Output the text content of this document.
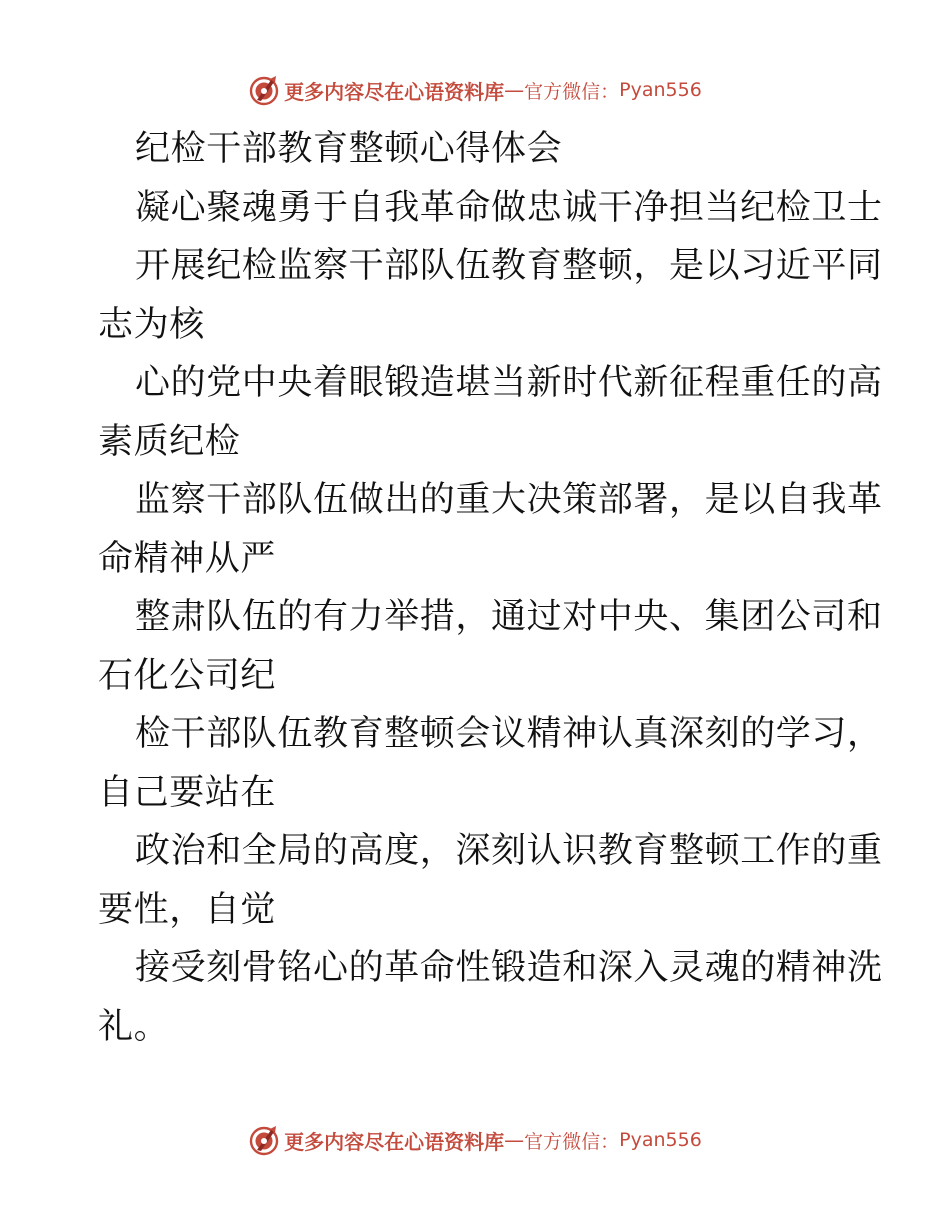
更多内容尽在心语资料库 — 官方微信： Pyan556
纪检干部教育整顿心得体会
凝心聚魂勇于自我革命做忠诚干净担当纪检卫士
开展纪检监察干部队伍教育整顿，是以习近平同
志为核
心的党中央着眼锻造堪当新时代新征程重任的高
素质纪检
监察干部队伍做出的重大决策部署，是以自我革
命精神从严
整肃队伍的有力举措，通过对中央、集团公司和
石化公司纪
检干部队伍教育整顿会议精神认真深刻的学习，
自己要站在
政治和全局的高度，深刻认识教育整顿工作的重
要性，自觉
接受刻骨铭心的革命性锻造和深入灵魂的精神洗
礼。
更多内容尽在心语资料库 — 官方微信： Pyan556
